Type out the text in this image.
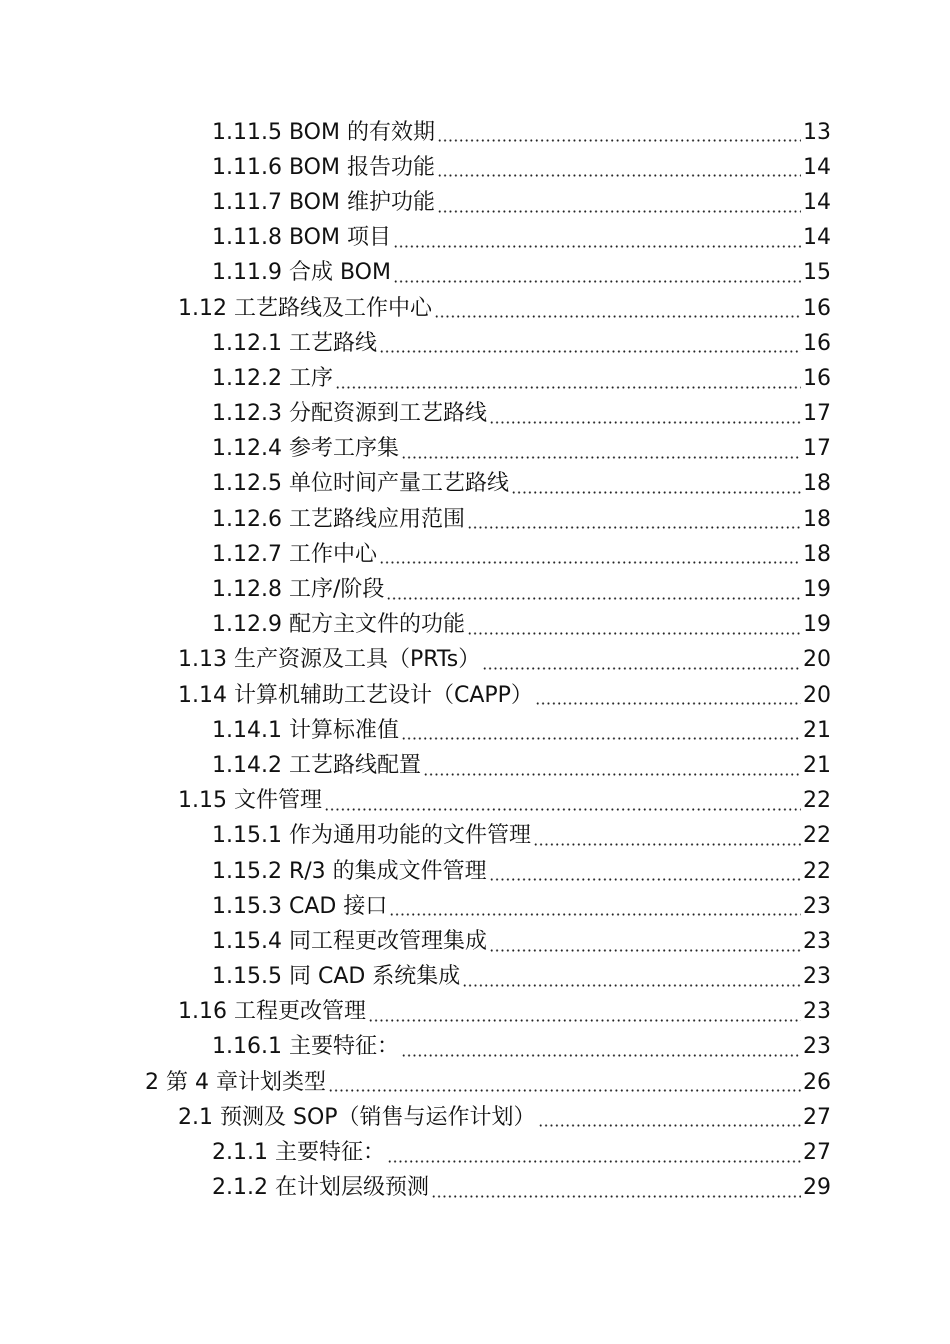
1.11.5 BOM 的有效期	13
1.11.6 BOM 报告功能	14
1.11.7 BOM 维护功能	14
1.11.8 BOM 项目	14
1.11.9 合成 BOM	15
1.12 工艺路线及工作中心	16
1.12.1 工艺路线	16
1.12.2 工序	16
1.12.3 分配资源到工艺路线	17
1.12.4 参考工序集	17
1.12.5 单位时间产量工艺路线	18
1.12.6 工艺路线应用范围	18
1.12.7 工作中心	18
1.12.8 工序/阶段	19
1.12.9 配方主文件的功能	19
1.13 生产资源及工具（PRTs）	20
1.14 计算机辅助工艺设计（CAPP）	20
1.14.1 计算标准值	21
1.14.2 工艺路线配置	21
1.15 文件管理	22
1.15.1 作为通用功能的文件管理	22
1.15.2 R/3 的集成文件管理	22
1.15.3 CAD 接口	23
1.15.4 同工程更改管理集成	23
1.15.5 同 CAD 系统集成	23
1.16 工程更改管理	23
1.16.1 主要特征：	23
2 第 4 章计划类型	26
2.1 预测及 SOP（销售与运作计划）	27
2.1.1 主要特征：	27
2.1.2 在计划层级预测	29
